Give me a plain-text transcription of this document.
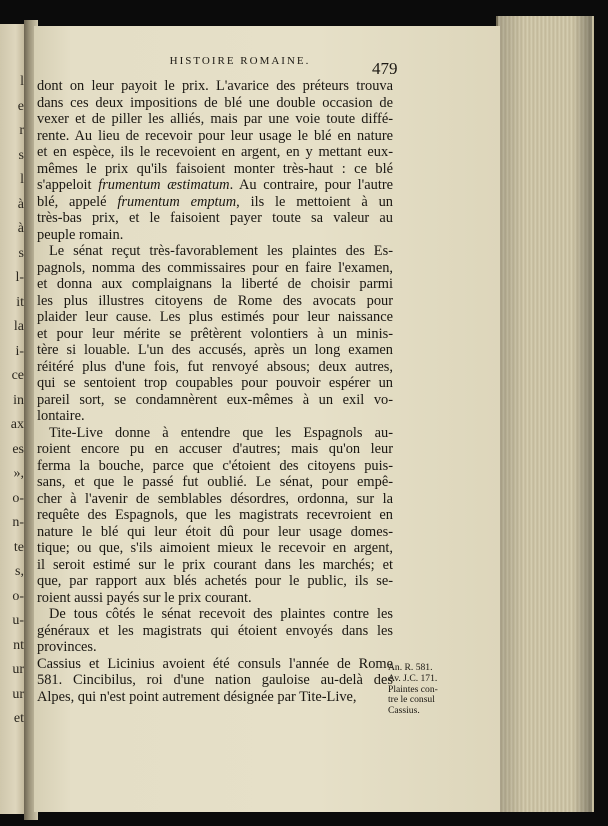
l
e
r
s
l
à
à
s
l-
it
la
i-
ce
in
ax
es
»,
o-
n-
te
s,
o-
u-
nt
ur
ur
et
HISTOIRE ROMAINE.	479
dont on leur payoit le prix. L'avarice des préteurs trouva
dans ces deux impositions de blé une double occasion de
vexer et de piller les alliés, mais par une voie toute diffé-
rente. Au lieu de recevoir pour leur usage le blé en nature
et en espèce, ils le recevoient en argent, en y mettant eux-
mêmes le prix qu'ils faisoient monter très-haut : ce blé
s'appeloit frumentum æstimatum. Au contraire, pour l'autre
blé, appelé frumentum emptum, ils le mettoient à un
très-bas prix, et le faisoient payer toute sa valeur au
peuple romain.
Le sénat reçut très-favorablement les plaintes des Es-
pagnols, nomma des commissaires pour en faire l'examen,
et donna aux complaignans la liberté de choisir parmi
les plus illustres citoyens de Rome des avocats pour
plaider leur cause. Les plus estimés pour leur naissance
et pour leur mérite se prêtèrent volontiers à un minis-
tère si louable. L'un des accusés, après un long examen
réitéré plus d'une fois, fut renvoyé absous; deux autres,
qui se sentoient trop coupables pour pouvoir espérer un
pareil sort, se condamnèrent eux-mêmes à un exil vo-
lontaire.
Tite-Live donne à entendre que les Espagnols au-
roient encore pu en accuser d'autres; mais qu'on leur
ferma la bouche, parce que c'étoient des citoyens puis-
sans, et que le passé fut oublié. Le sénat, pour empê-
cher à l'avenir de semblables désordres, ordonna, sur la
requête des Espagnols, que les magistrats recevroient en
nature le blé qui leur étoit dû pour leur usage domes-
tique; ou que, s'ils aimoient mieux le recevoir en argent,
il seroit estimé sur le prix courant dans les marchés; et
que, par rapport aux blés achetés pour le public, ils se-
roient aussi payés sur le prix courant.
De tous côtés le sénat recevoit des plaintes contre les
généraux et les magistrats qui étoient envoyés dans les
provinces.
Cassius et Licinius avoient été consuls l'année de Rome
581. Cincibilus, roi d'une nation gauloise au-delà des
Alpes, qui n'est point autrement désignée par Tite-Live,
An. R. 581.
Av. J.C. 171.
Plaintes con-
tre le consul
Cassius.
